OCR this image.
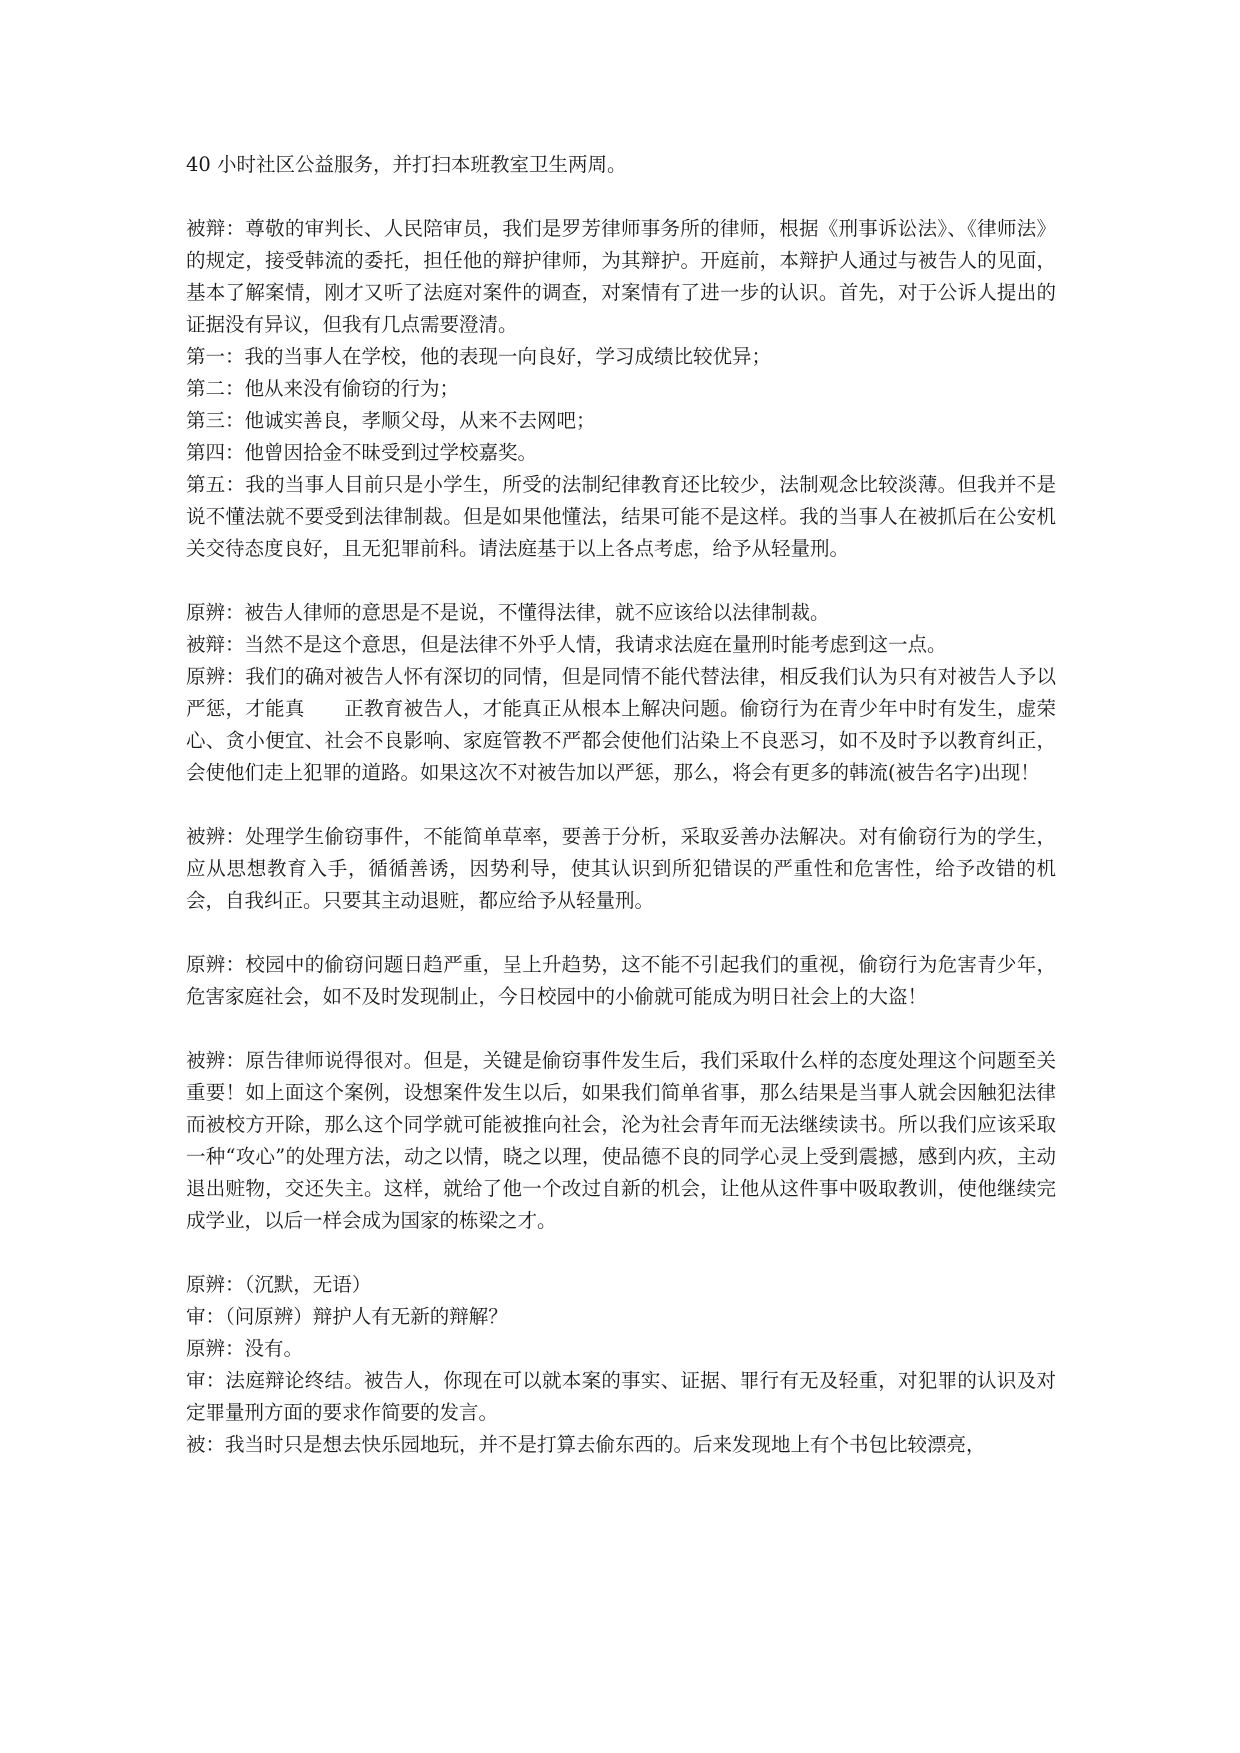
40 小时社区公益服务，并打扫本班教室卫生两周。

被辩：尊敬的审判长、人民陪审员，我们是罗芳律师事务所的律师，根据《刑事诉讼法》、《律师法》的规定，接受韩流的委托，担任他的辩护律师，为其辩护。开庭前，本辩护人通过与被告人的见面，基本了解案情，刚才又听了法庭对案件的调查，对案情有了进一步的认识。首先，对于公诉人提出的证据没有异议，但我有几点需要澄清。

第一：我的当事人在学校，他的表现一向良好，学习成绩比较优异；

第二：他从来没有偷窃的行为；

第三：他诚实善良，孝顺父母，从来不去网吧；

第四：他曾因拾金不昧受到过学校嘉奖。

第五：我的当事人目前只是小学生，所受的法制纪律教育还比较少，法制观念比较淡薄。但我并不是说不懂法就不要受到法律制裁。但是如果他懂法，结果可能不是这样。我的当事人在被抓后在公安机关交待态度良好，且无犯罪前科。请法庭基于以上各点考虑，给予从轻量刑。

原辨：被告人律师的意思是不是说，不懂得法律，就不应该给以法律制裁。

被辩：当然不是这个意思，但是法律不外乎人情，我请求法庭在量刑时能考虑到这一点。

原辨：我们的确对被告人怀有深切的同情，但是同情不能代替法律，相反我们认为只有对被告人予以严惩，才能真　　正教育被告人，才能真正从根本上解决问题。偷窃行为在青少年中时有发生，虚荣心、贪小便宜、社会不良影响、家庭管教不严都会使他们沾染上不良恶习，如不及时予以教育纠正，会使他们走上犯罪的道路。如果这次不对被告加以严惩，那么，将会有更多的韩流(被告名字)出现！

被辨：处理学生偷窃事件，不能简单草率，要善于分析，采取妥善办法解决。对有偷窃行为的学生，应从思想教育入手，循循善诱，因势利导，使其认识到所犯错误的严重性和危害性，给予改错的机会，自我纠正。只要其主动退赃，都应给予从轻量刑。

原辨：校园中的偷窃问题日趋严重，呈上升趋势，这不能不引起我们的重视，偷窃行为危害青少年，危害家庭社会，如不及时发现制止，今日校园中的小偷就可能成为明日社会上的大盗！

被辨：原告律师说得很对。但是，关键是偷窃事件发生后，我们采取什么样的态度处理这个问题至关重要！如上面这个案例，设想案件发生以后，如果我们简单省事，那么结果是当事人就会因触犯法律而被校方开除，那么这个同学就可能被推向社会，沦为社会青年而无法继续读书。所以我们应该采取一种“攻心”的处理方法，动之以情，晓之以理，使品德不良的同学心灵上受到震撼，感到内疚，主动退出赃物，交还失主。这样，就给了他一个改过自新的机会，让他从这件事中吸取教训，使他继续完成学业，以后一样会成为国家的栋梁之才。

原辨：（沉默，无语）

审：（问原辨）辩护人有无新的辩解？

原辨：没有。

审：法庭辩论终结。被告人，你现在可以就本案的事实、证据、罪行有无及轻重，对犯罪的认识及对定罪量刑方面的要求作简要的发言。

被：我当时只是想去快乐园地玩，并不是打算去偷东西的。后来发现地上有个书包比较漂亮，
